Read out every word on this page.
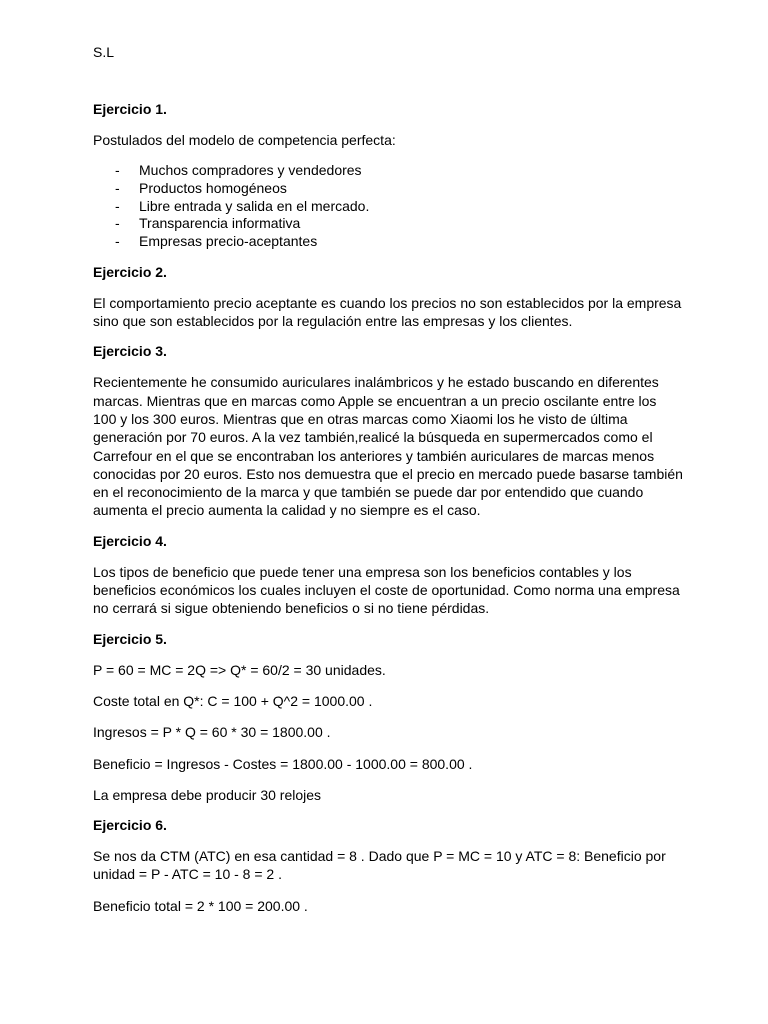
S.L
Ejercicio 1.

Postulados del modelo de competencia perfecta:

- Muchos compradores y vendedores
- Productos homogéneos
- Libre entrada y salida en el mercado.
- Transparencia informativa
- Empresas precio-aceptantes
Ejercicio 2.

El comportamiento precio aceptante es cuando los precios no son establecidos por la empresa sino que son establecidos por la regulación entre las empresas y los clientes.

Ejercicio 3.

Recientemente he consumido auriculares inalámbricos y he estado buscando en diferentes marcas. Mientras que en marcas como Apple se encuentran a un precio oscilante entre los 100 y los 300 euros. Mientras que en otras marcas como Xiaomi los he visto de última generación por 70 euros. A la vez también,realicé la búsqueda en supermercados como el Carrefour en el que se encontraban los anteriores y también auriculares de marcas menos conocidas por 20 euros. Esto nos demuestra que el precio en mercado puede basarse también en el reconocimiento de la marca y que también se puede dar por entendido que cuando aumenta el precio aumenta la calidad y no siempre es el caso.

Ejercicio 4.

Los tipos de beneficio que puede tener una empresa son los beneficios contables y los beneficios económicos los cuales incluyen el coste de oportunidad. Como norma una empresa no cerrará si sigue obteniendo beneficios o si no tiene pérdidas.

Ejercicio 5.

P = 60 = MC = 2Q => Q* = 60/2 = 30 unidades.

Coste total en Q*: C = 100 + Q^2 = 1000.00 .

Ingresos = P * Q = 60 * 30 = 1800.00 .

Beneficio = Ingresos - Costes = 1800.00 - 1000.00 = 800.00 .

La empresa debe producir 30 relojes

Ejercicio 6.

Se nos da CTM (ATC) en esa cantidad = 8 . Dado que P = MC = 10 y ATC = 8: Beneficio por unidad = P - ATC = 10 - 8 = 2 .

Beneficio total = 2 * 100 = 200.00 .
